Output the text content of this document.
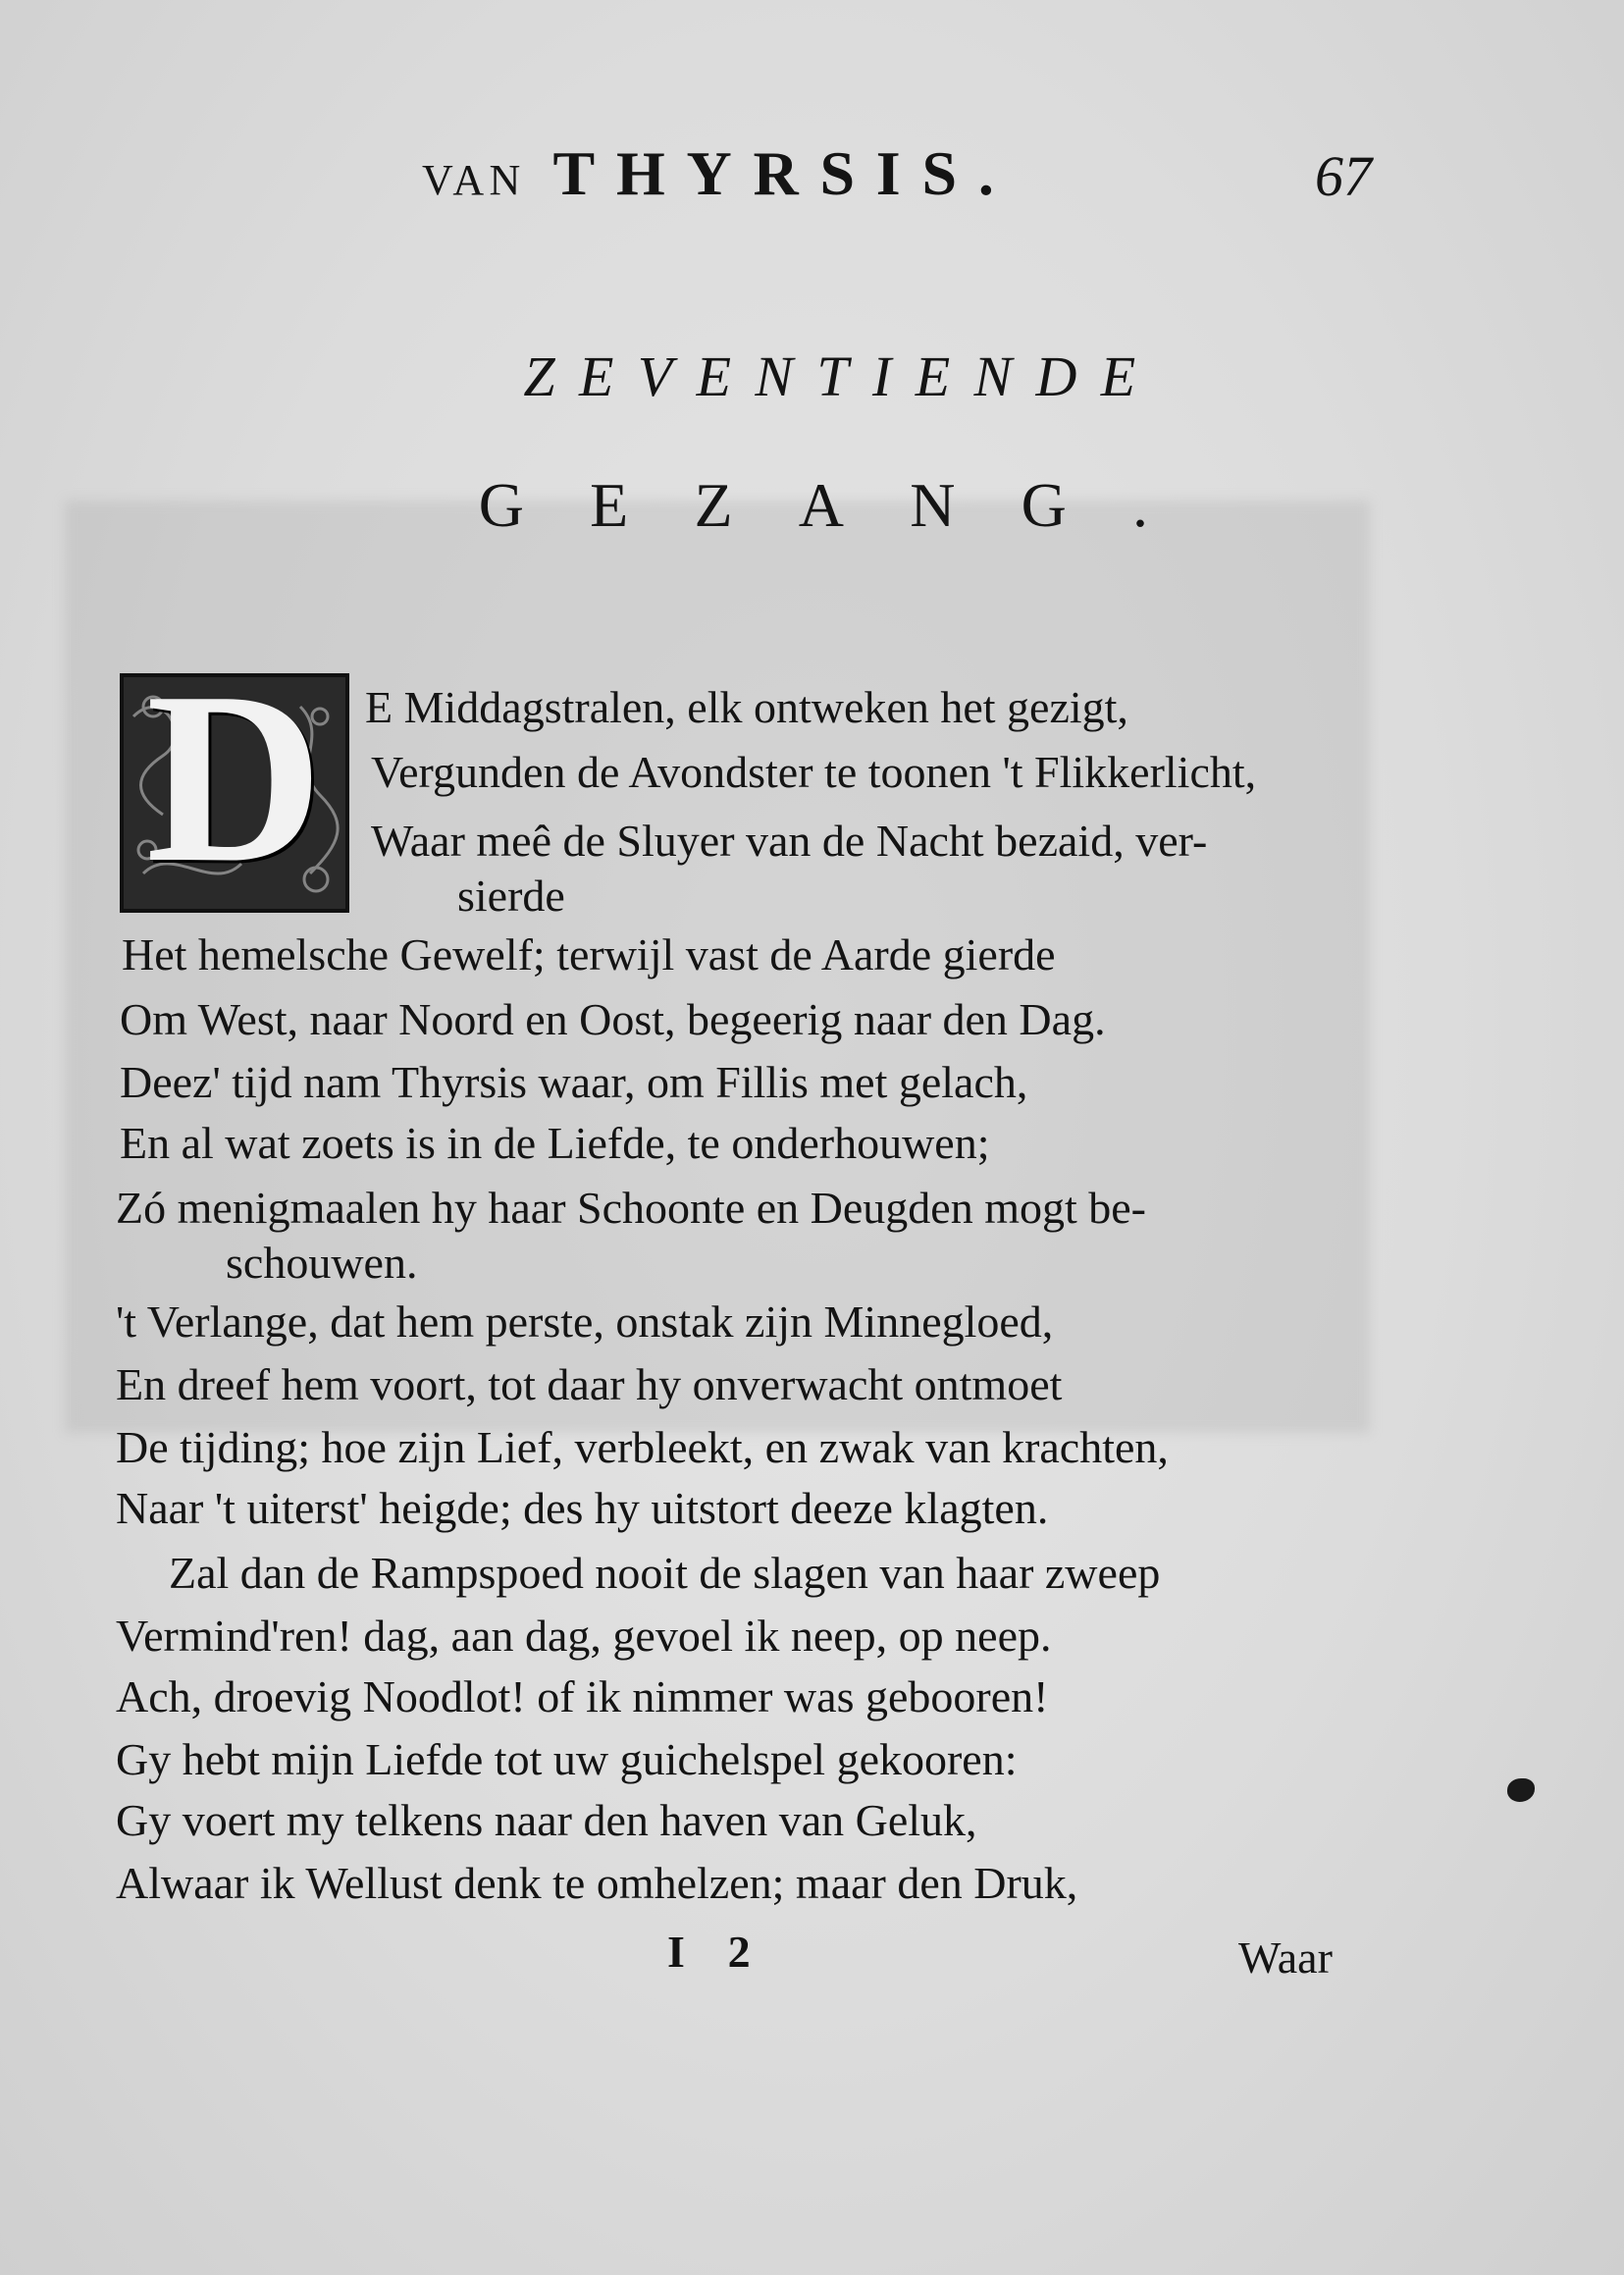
VAN THYRSIS.	67
ZEVENTIENDE
GEZANG.
D E Middagstralen, elk ontweken het gezigt,
Vergunden de Avondster te toonen 't Flikkerlicht,
Waar meê de Sluyer van de Nacht bezaid, ver-
sierde
Het hemelsche Gewelf; terwijl vast de Aarde gierde
Om West, naar Noord en Oost, begeerig naar den Dag.
Deez' tijd nam Thyrsis waar, om Fillis met gelach,
En al wat zoets is in de Liefde, te onderhouwen;
Zó menigmaalen hy haar Schoonte en Deugden mogt be-
schouwen.
't Verlange, dat hem perste, onstak zijn Minnegloed,
En dreef hem voort, tot daar hy onverwacht ontmoet
De tijding; hoe zijn Lief, verbleekt, en zwak van krachten,
Naar 't uiterst' heigde; des hy uitstort deeze klagten.
Zal dan de Rampspoed nooit de slagen van haar zweep
Vermind'ren! dag, aan dag, gevoel ik neep, op neep.
Ach, droevig Noodlot! of ik nimmer was gebooren!
Gy hebt mijn Liefde tot uw guichelspel gekooren:
Gy voert my telkens naar den haven van Geluk,
Alwaar ik Wellust denk te omhelzen; maar den Druk,
I 2	Waar
